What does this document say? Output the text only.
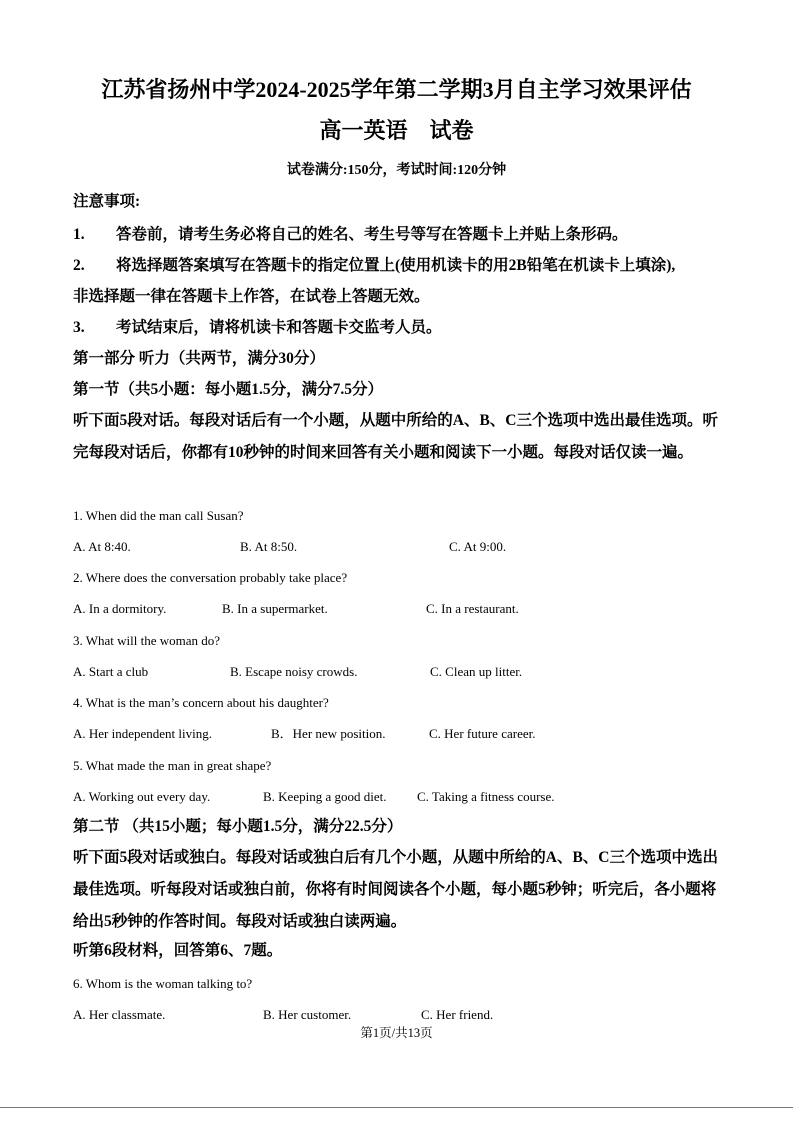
江苏省扬州中学2024-2025学年第二学期3月自主学习效果评估
高一英语　试卷
试卷满分:150分，考试时间:120分钟
注意事项:
1. 答卷前，请考生务必将自己的姓名、考生号等写在答题卡上并贴上条形码。
2. 将选择题答案填写在答题卡的指定位置上(使用机读卡的用2B铅笔在机读卡上填涂),
非选择题一律在答题卡上作答，在试卷上答题无效。
3. 考试结束后，请将机读卡和答题卡交监考人员。
第一部分 听力（共两节，满分30分）
第一节（共5小题：每小题1.5分，满分7.5分）
听下面5段对话。每段对话后有一个小题，从题中所给的A、B、C三个选项中选出最佳选项。听完每段对话后，你都有10秒钟的时间来回答有关小题和阅读下一小题。每段对话仅读一遍。
1. When did the man call Susan?
A. At 8:40.	B. At 8:50.	C. At 9:00.
2. Where does the conversation probably take place?
A. In a dormitory.	B. In a supermarket.	C. In a restaurant.
3. What will the woman do?
A. Start a club	B. Escape noisy crowds.	C. Clean up litter.
4. What is the man’s concern about his daughter?
A. Her independent living.	B．Her new position.	C. Her future career.
5. What made the man in great shape?
A. Working out every day.	B. Keeping a good diet. C. Taking a fitness course.
第二节 （共15小题；每小题1.5分，满分22.5分）
听下面5段对话或独白。每段对话或独白后有几个小题，从题中所给的A、B、C三个选项中选出最佳选项。听每段对话或独白前，你将有时间阅读各个小题，每小题5秒钟；听完后，各小题将给出5秒钟的作答时间。每段对话或独白读两遍。
听第6段材料，回答第6、7题。
6. Whom is the woman talking to?
A. Her classmate.	B. Her customer.	C. Her friend.
第1页/共13页
